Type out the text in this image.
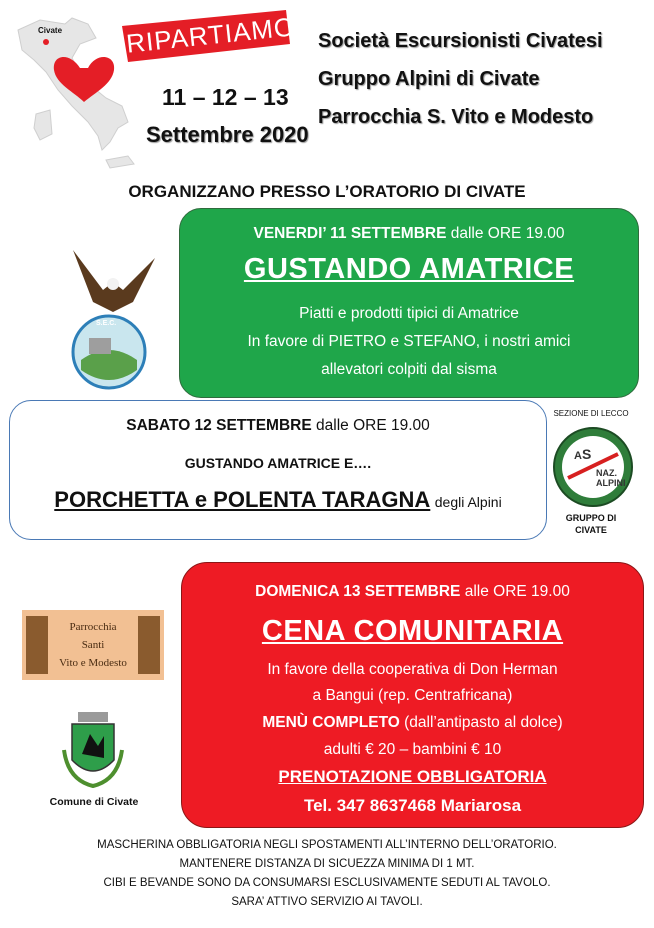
Civate RIPARTIAMO
11 – 12 – 13
Settembre 2020
Società Escursionisti Civatesi
Gruppo Alpini di Civate
Parrocchia S. Vito e Modesto
ORGANIZZANO PRESSO L’ORATORIO DI CIVATE
S.E.C.
VENERDI’ 11 SETTEMBRE dalle ORE 19.00
GUSTANDO AMATRICE
Piatti e prodotti tipici di Amatrice
In favore di PIETRO e STEFANO, i nostri amici
allevatori colpiti dal sisma
SABATO 12 SETTEMBRE dalle ORE 19.00
GUSTANDO AMATRICE E….
PORCHETTA e POLENTA TARAGNA degli Alpini
SEZIONE DI LECCO
AS
NAZ.
ALPINI
GRUPPO DI
CIVATE
Parrocchia
Santi
Vito e Modesto
Comune di Civate
DOMENICA 13 SETTEMBRE alle ORE 19.00
CENA COMUNITARIA
In favore della cooperativa di Don Herman
a Bangui (rep. Centrafricana)
MENÙ COMPLETO (dall’antipasto al dolce)
adulti € 20 – bambini € 10
PRENOTAZIONE OBBLIGATORIA
Tel. 347 8637468 Mariarosa
MASCHERINA OBBLIGATORIA NEGLI SPOSTAMENTI ALL’INTERNO DELL’ORATORIO.
MANTENERE DISTANZA DI SICUEZZA MINIMA DI 1 MT.
CIBI E BEVANDE SONO DA CONSUMARSI ESCLUSIVAMENTE SEDUTI AL TAVOLO.
SARA’ ATTIVO SERVIZIO AI TAVOLI.
